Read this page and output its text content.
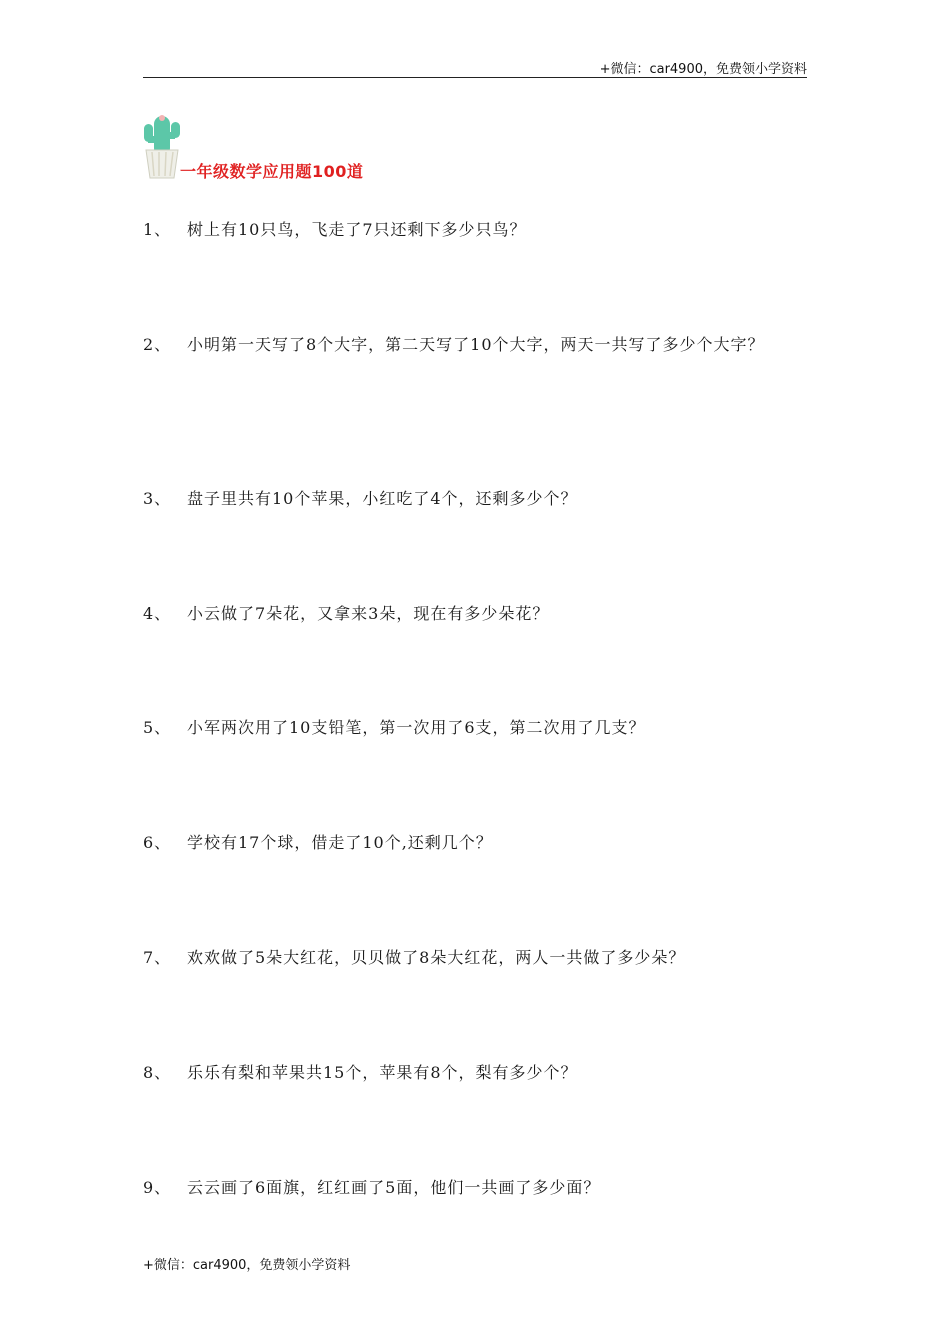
+微信：car4900，免费领小学资料
一年级数学应用题100道
1、 树上有10只鸟，飞走了7只还剩下多少只鸟？
2、 小明第一天写了8个大字，第二天写了10个大字，两天一共写了多少个大字？
3、 盘子里共有10个苹果，小红吃了4个，还剩多少个？
4、 小云做了7朵花，又拿来3朵，现在有多少朵花？
5、 小军两次用了10支铅笔，第一次用了6支，第二次用了几支？
6、 学校有17个球，借走了10个,还剩几个？
7、 欢欢做了5朵大红花，贝贝做了8朵大红花，两人一共做了多少朵？
8、 乐乐有梨和苹果共15个，苹果有8个，梨有多少个？
9、 云云画了6面旗，红红画了5面，他们一共画了多少面？
+微信：car4900，免费领小学资料
